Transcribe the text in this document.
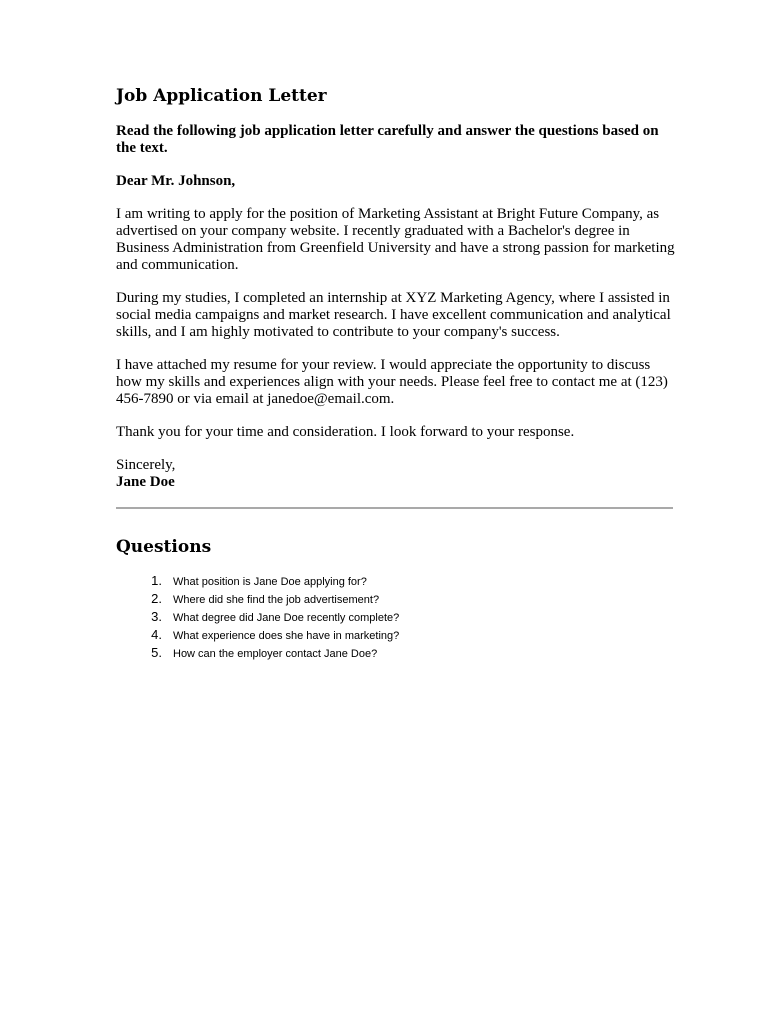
Job Application Letter

Read the following job application letter carefully and answer the questions based on the text.

Dear Mr. Johnson,

I am writing to apply for the position of Marketing Assistant at Bright Future Company, as advertised on your company website. I recently graduated with a Bachelor's degree in Business Administration from Greenfield University and have a strong passion for marketing and communication.

During my studies, I completed an internship at XYZ Marketing Agency, where I assisted in social media campaigns and market research. I have excellent communication and analytical skills, and I am highly motivated to contribute to your company's success.

I have attached my resume for your review. I would appreciate the opportunity to discuss how my skills and experiences align with your needs. Please feel free to contact me at (123) 456-7890 or via email at janedoe@email.com.

Thank you for your time and consideration. I look forward to your response.

Sincerely,

Jane Doe

Questions
1. What position is Jane Doe applying for?
2. Where did she find the job advertisement?
3. What degree did Jane Doe recently complete?
4. What experience does she have in marketing?
5. How can the employer contact Jane Doe?
